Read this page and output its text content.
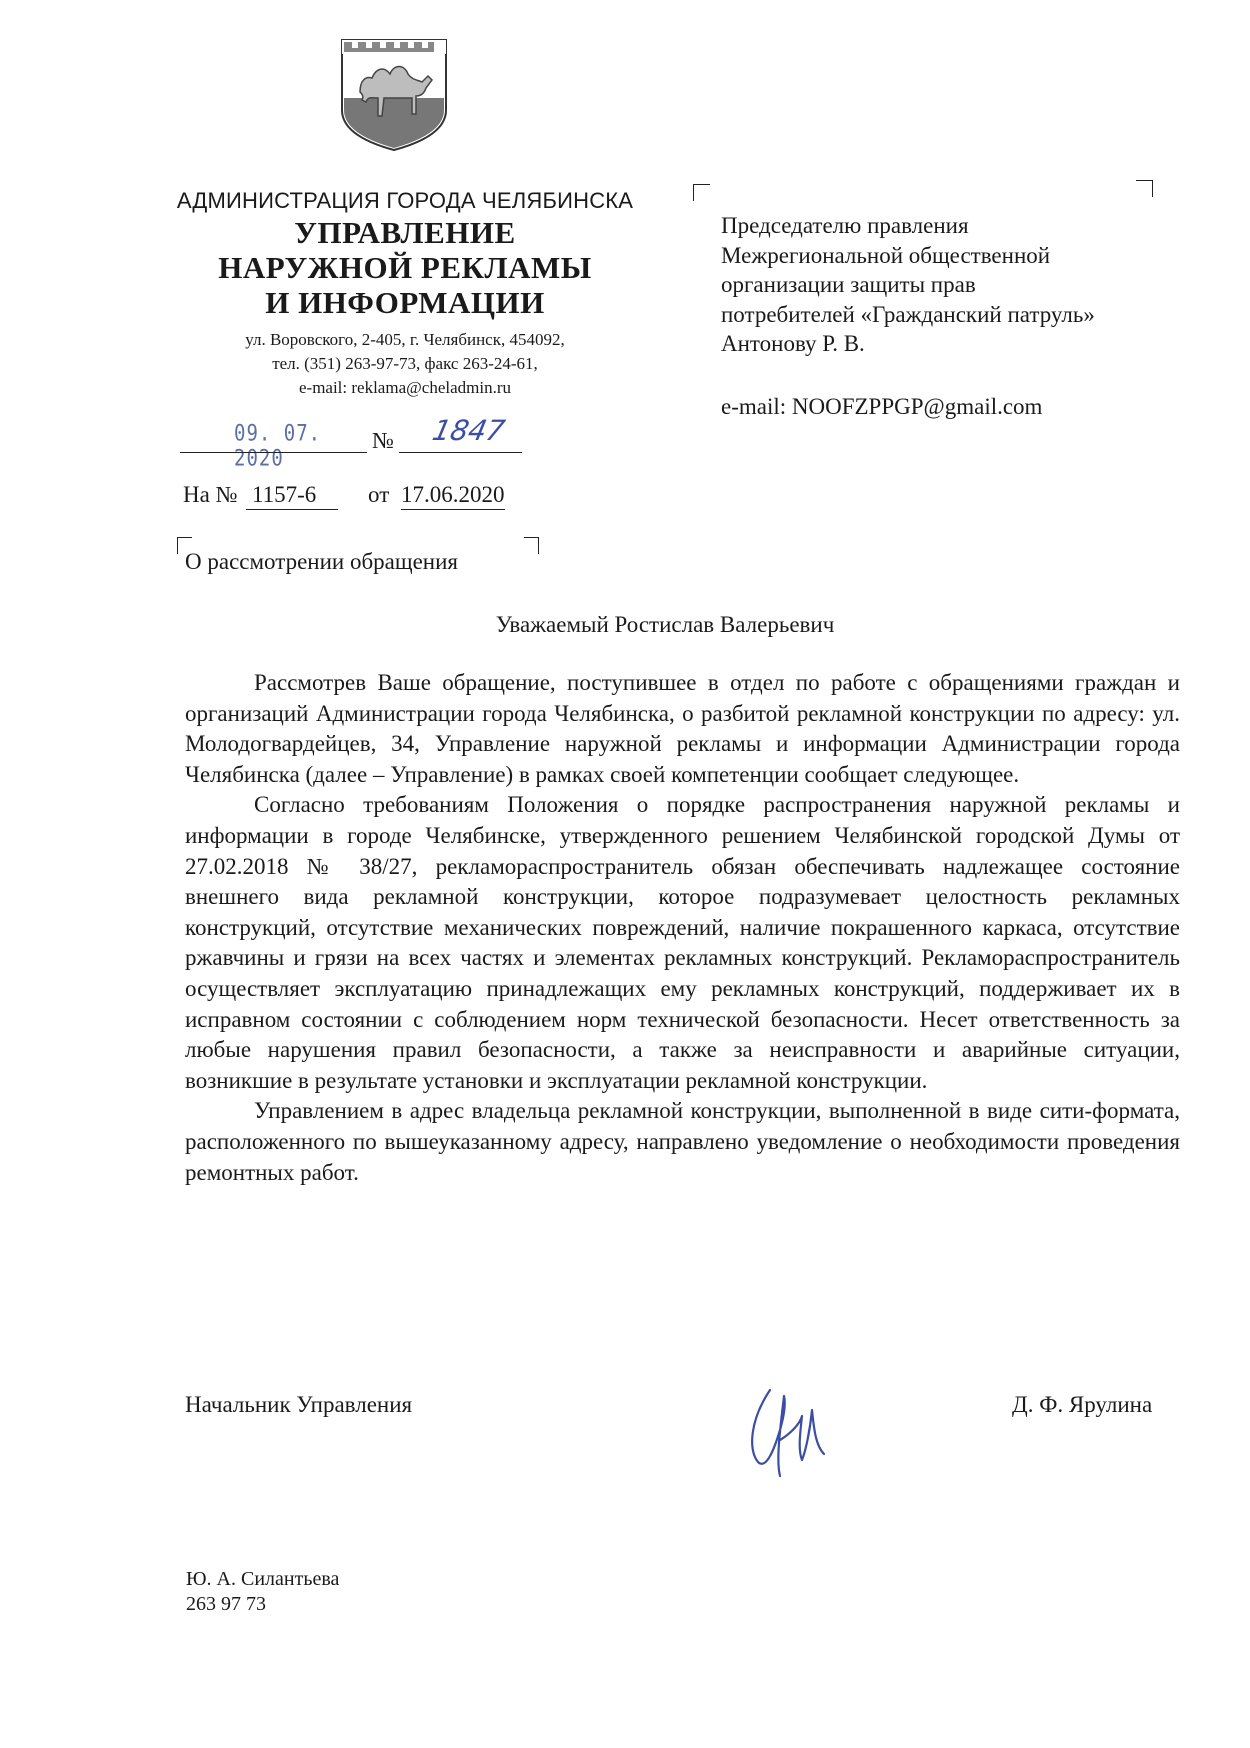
АДМИНИСТРАЦИЯ ГОРОДА ЧЕЛЯБИНСКА
УПРАВЛЕНИЕ
НАРУЖНОЙ РЕКЛАМЫ
И ИНФОРМАЦИИ
ул. Воровского, 2-405, г. Челябинск, 454092,
тел. (351) 263-97-73, факс 263-24-61,
e-mail: reklama@cheladmin.ru
09. 07. 2020
№ 1847
На № 1157-6	от 17.06.2020
О рассмотрении обращения
Председателю правления
Межрегиональной общественной
организации защиты прав
потребителей «Гражданский патруль»
Антонову Р. В.
e-mail: NOOFZPPGP@gmail.com
Уважаемый Ростислав Валерьевич

Рассмотрев Ваше обращение, поступившее в отдел по работе с обращениями граждан и организаций Администрации города Челябинска, о разбитой рекламной конструкции по адресу: ул. Молодогвардейцев, 34, Управление наружной рекламы и информации Администрации города Челябинска (далее – Управление) в рамках своей компетенции сообщает следующее.

Согласно требованиям Положения о порядке распространения наружной рекламы и информации в городе Челябинске, утвержденного решением Челябинской городской Думы от 27.02.2018 № 38/27, рекламораспространитель обязан обеспечивать надлежащее состояние внешнего вида рекламной конструкции, которое подразумевает целостность рекламных конструкций, отсутствие механических повреждений, наличие покрашенного каркаса, отсутствие ржавчины и грязи на всех частях и элементах рекламных конструкций. Рекламораспространитель осуществляет эксплуатацию принадлежащих ему рекламных конструкций, поддерживает их в исправном состоянии с соблюдением норм технической безопасности. Несет ответственность за любые нарушения правил безопасности, а также за неисправности и аварийные ситуации, возникшие в результате установки и эксплуатации рекламной конструкции.

Управлением в адрес владельца рекламной конструкции, выполненной в виде сити-формата, расположенного по вышеуказанному адресу, направлено уведомление о необходимости проведения ремонтных работ.

Начальник Управления	Д. Ф. Ярулина
Ю. А. Силантьева
263 97 73
